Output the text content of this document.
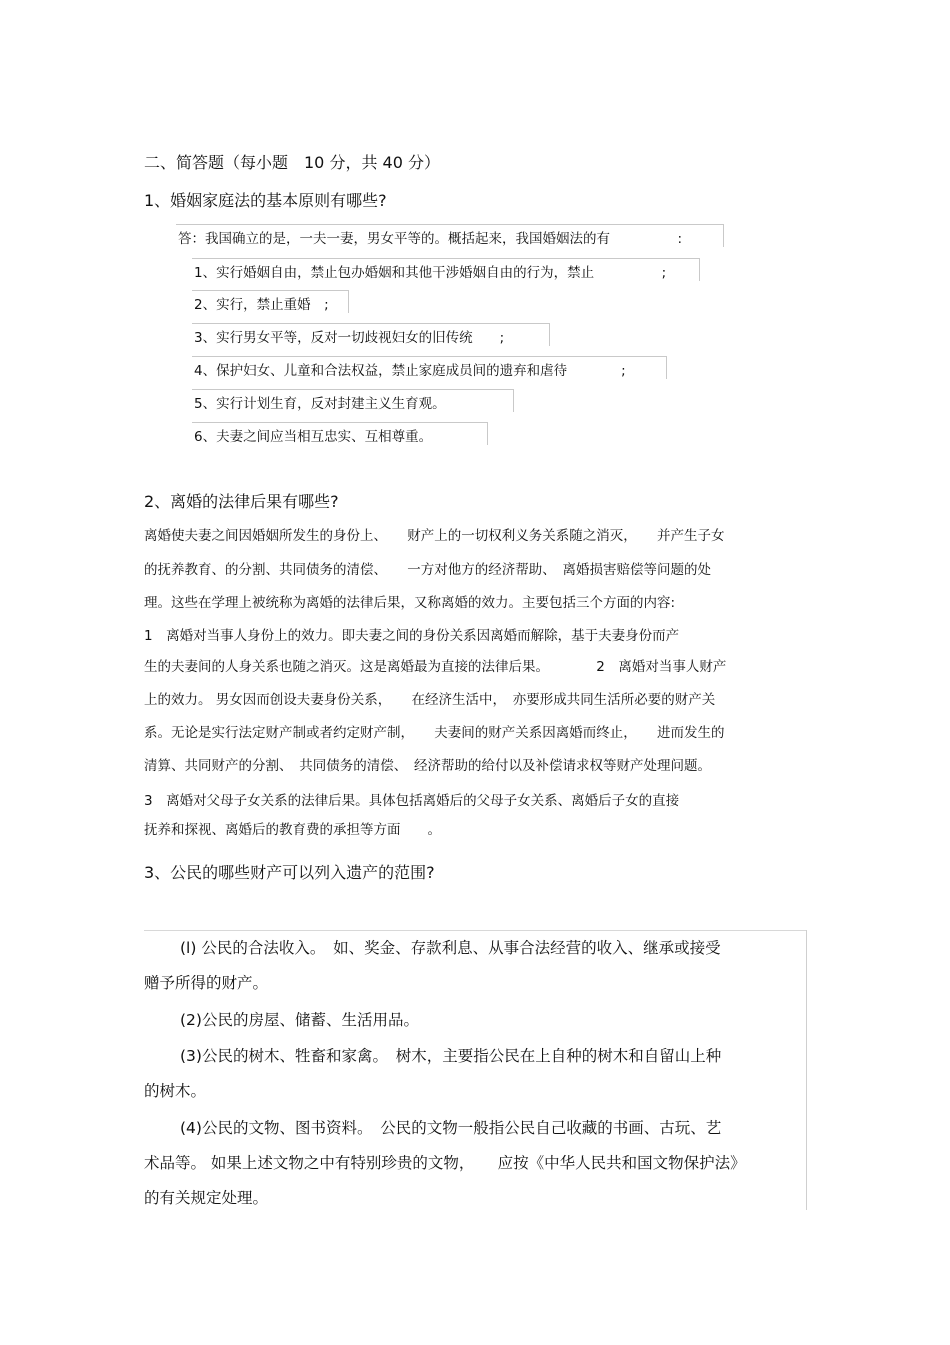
二、简答题（每小题　10 分，共 40 分）
1、婚姻家庭法的基本原则有哪些?
答：我国确立的是，一夫一妻，男女平等的。概括起来，我国婚姻法的有　　　　　:
1、实行婚姻自由，禁止包办婚姻和其他干涉婚姻自由的行为，禁止　　　　　;
2、实行，禁止重婚　;
3、实行男女平等，反对一切歧视妇女的旧传统　　;
4、保护妇女、儿童和合法权益，禁止家庭成员间的遗弃和虐待　　　　;
5、实行计划生育，反对封建主义生育观。
6、夫妻之间应当相互忠实、互相尊重。
2、离婚的法律后果有哪些?
离婚使夫妻之间因婚姻所发生的身份上、　　财产上的一切权利义务关系随之消灭，　　并产生子女
的抚养教育、的分割、共同债务的清偿、　　一方对他方的经济帮助、　离婚损害赔偿等问题的处
理。这些在学理上被统称为离婚的法律后果，又称离婚的效力。主要包括三个方面的内容:
1　离婚对当事人身份上的效力。即夫妻之间的身份关系因离婚而解除，基于夫妻身份而产
生的夫妻间的人身关系也随之消灭。这是离婚最为直接的法律后果。　　　　2　离婚对当事人财产
上的效力。 男女因而创设夫妻身份关系，　　在经济生活中，　亦要形成共同生活所必要的财产关
系。无论是实行法定财产制或者约定财产制，　　夫妻间的财产关系因离婚而终止，　　进而发生的
清算、共同财产的分割、　共同债务的清偿、　经济帮助的给付以及补偿请求权等财产处理问题。
3　离婚对父母子女关系的法律后果。具体包括离婚后的父母子女关系、离婚后子女的直接
抚养和探视、离婚后的教育费的承担等方面　　。
3、公民的哪些财产可以列入遗产的范围?
(l) 公民的合法收入。　如、奖金、存款利息、从事合法经营的收入、继承或接受
赠予所得的财产。
(2)公民的房屋、储蓄、生活用品。
(3)公民的树木、牲畜和家禽。　树木，主要指公民在上自种的树木和自留山上种
的树木。
(4)公民的文物、图书资料。　公民的文物一般指公民自己收藏的书画、古玩、艺
术品等。 如果上述文物之中有特别珍贵的文物，　　应按《中华人民共和国文物保护法》
的有关规定处理。
